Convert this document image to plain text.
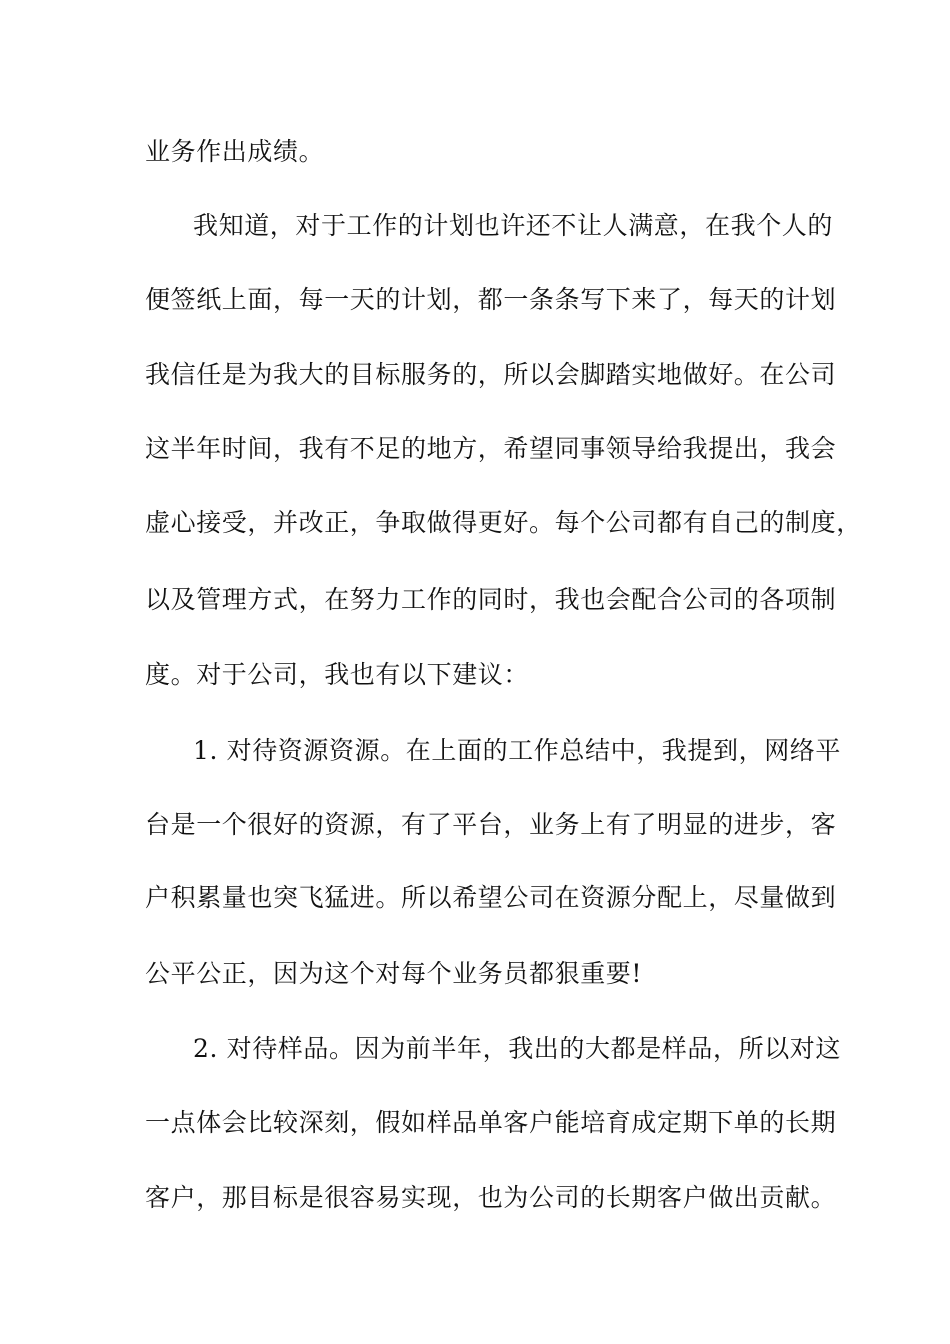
业务作出成绩。
我知道，对于工作的计划也许还不让人满意，在我个人的
便签纸上面，每一天的计划，都一条条写下来了，每天的计划
我信任是为我大的目标服务的，所以会脚踏实地做好。在公司
这半年时间，我有不足的地方，希望同事领导给我提出，我会
虚心接受，并改正，争取做得更好。每个公司都有自己的制度，
以及管理方式，在努力工作的同时，我也会配合公司的各项制
度。对于公司，我也有以下建议：
1. 对待资源资源。在上面的工作总结中，我提到，网络平
台是一个很好的资源，有了平台，业务上有了明显的进步，客
户积累量也突飞猛进。所以希望公司在资源分配上，尽量做到
公平公正，因为这个对每个业务员都狠重要!
2. 对待样品。因为前半年，我出的大都是样品，所以对这
一点体会比较深刻，假如样品单客户能培育成定期下单的长期
客户，那目标是很容易实现，也为公司的长期客户做出贡献。
